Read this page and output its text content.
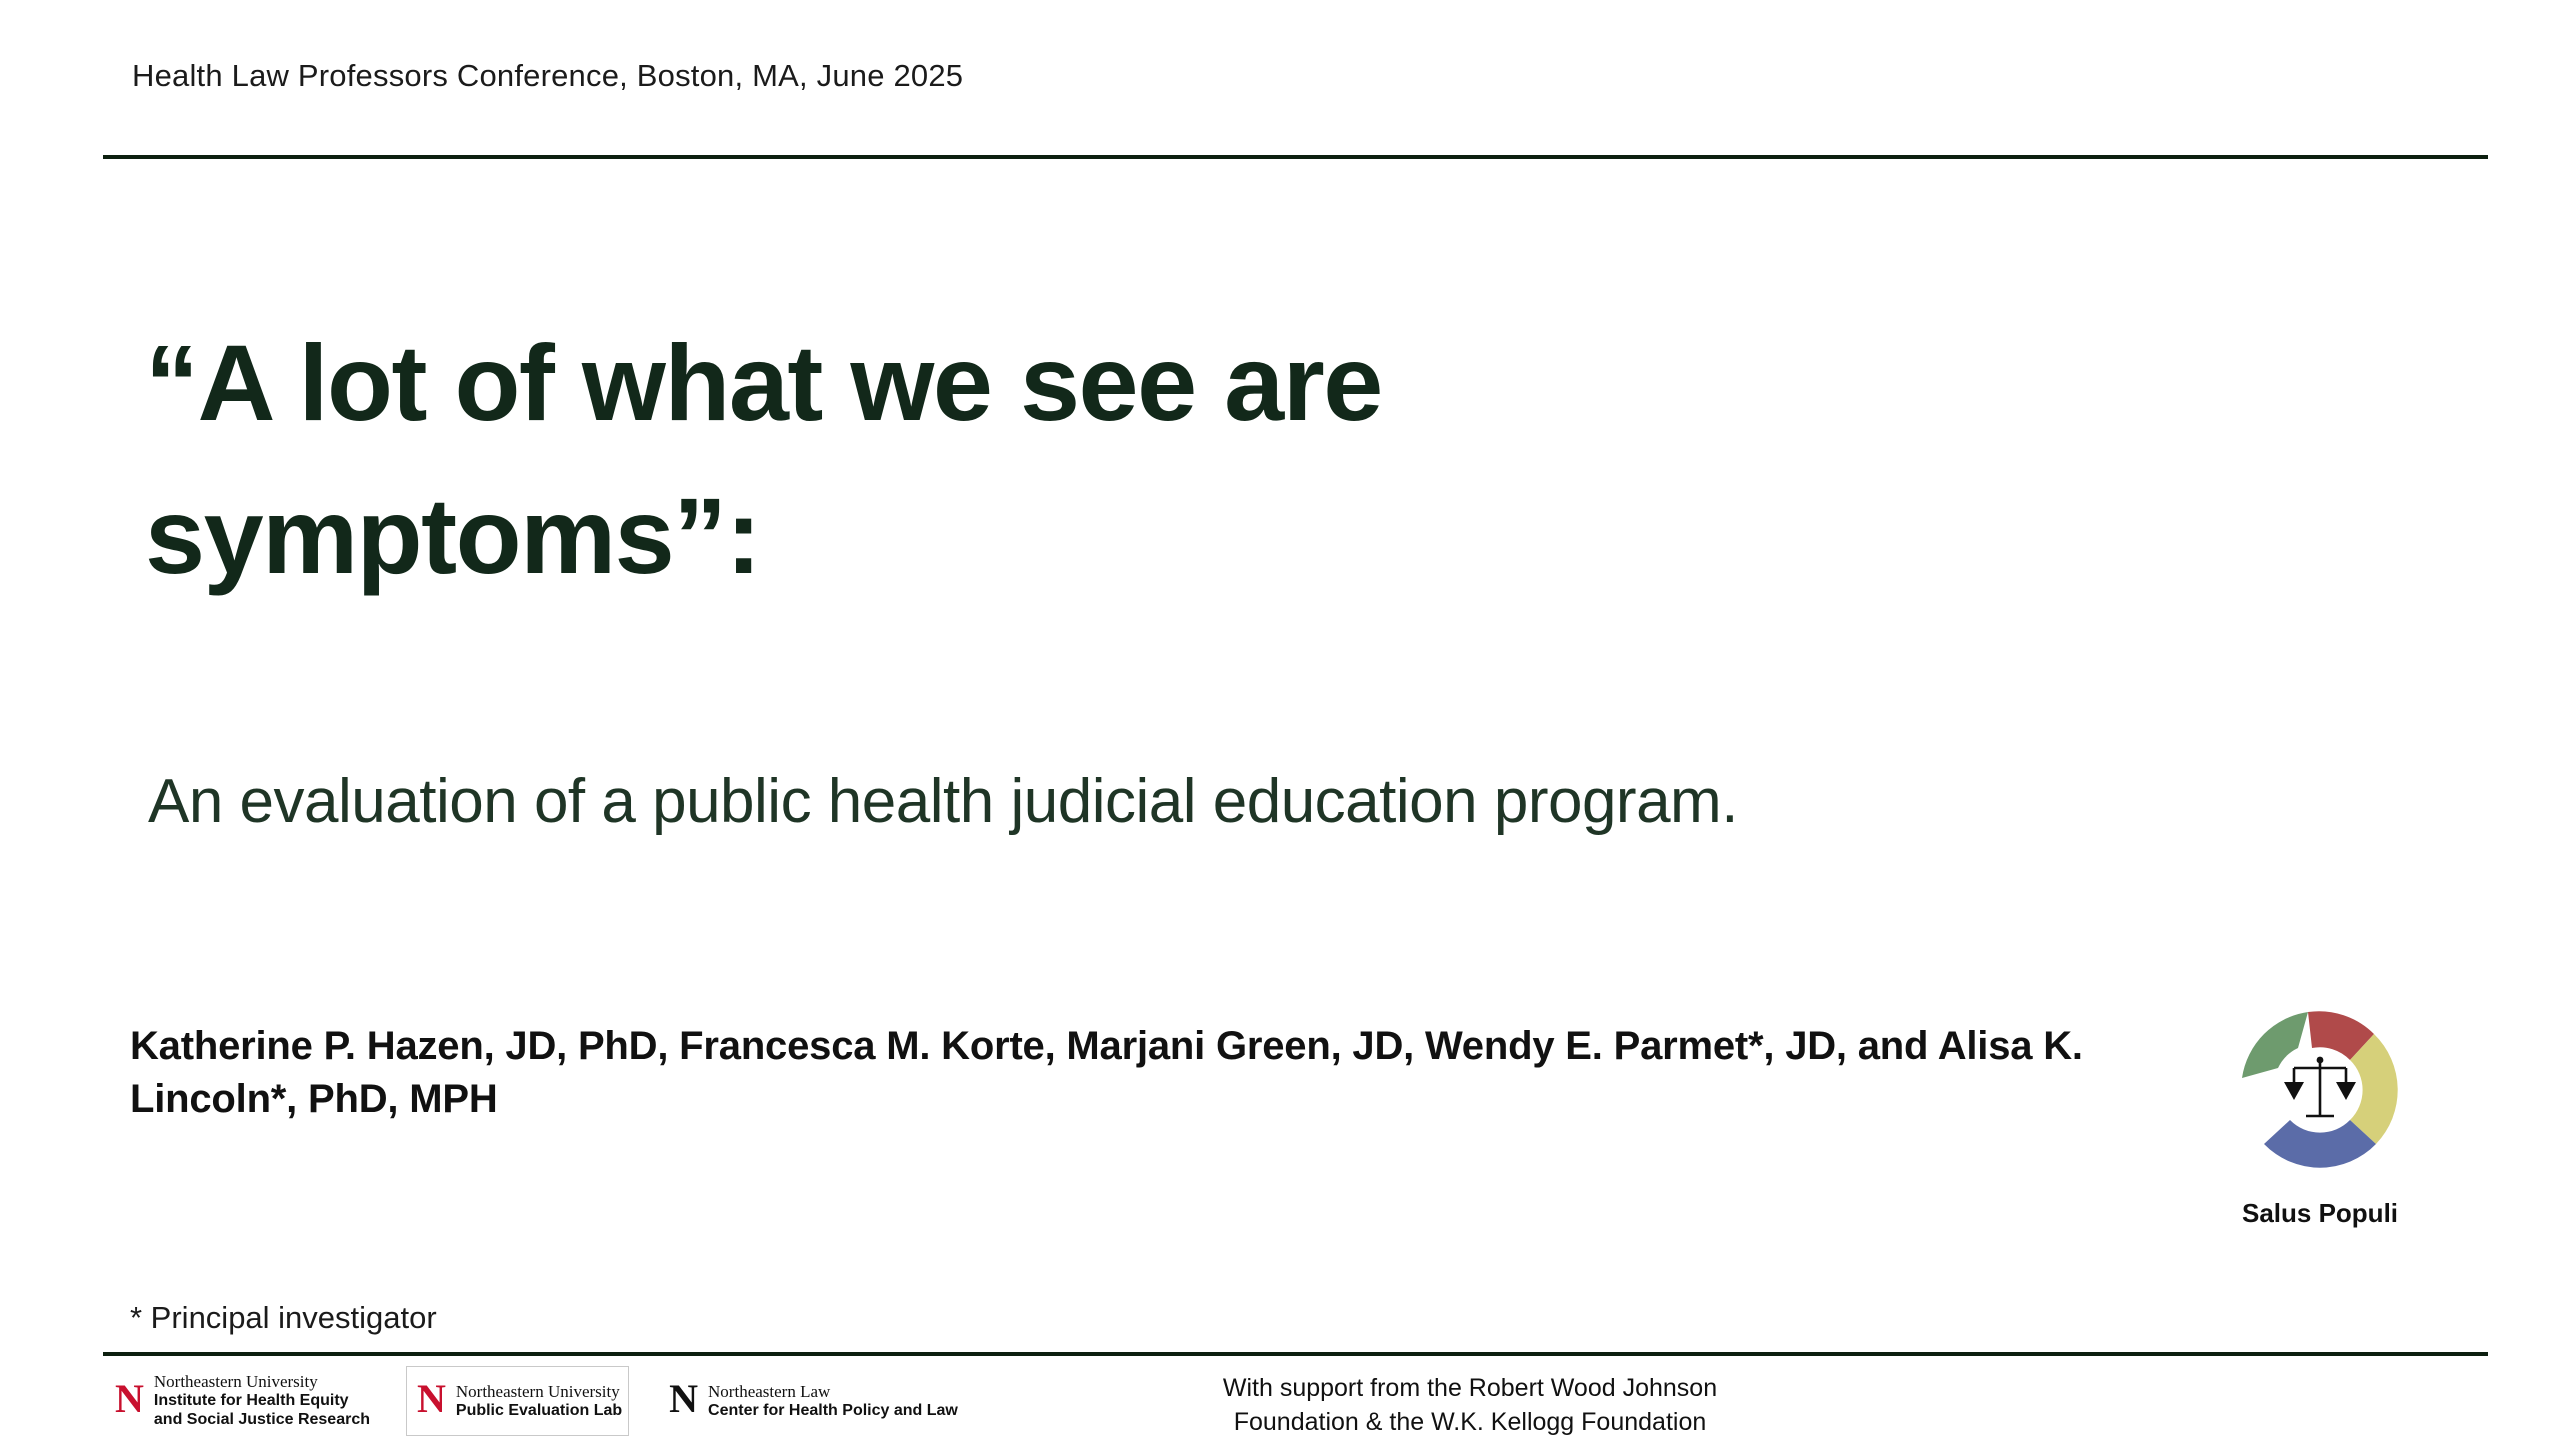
Health Law Professors Conference, Boston, MA, June 2025
“A lot of what we see are
symptoms”:
An evaluation of a public health judicial education program.
Katherine P. Hazen, JD, PhD, Francesca M. Korte, Marjani Green, JD, Wendy E. Parmet*, JD, and Alisa K. Lincoln*, PhD, MPH
* Principal investigator
Salus Populi
N Northeastern University
Institute for Health Equity
and Social Justice Research N Northeastern University
Public Evaluation Lab N Northeastern Law
Center for Health Policy and Law
With support from the Robert Wood Johnson
Foundation & the W.K. Kellogg Foundation
